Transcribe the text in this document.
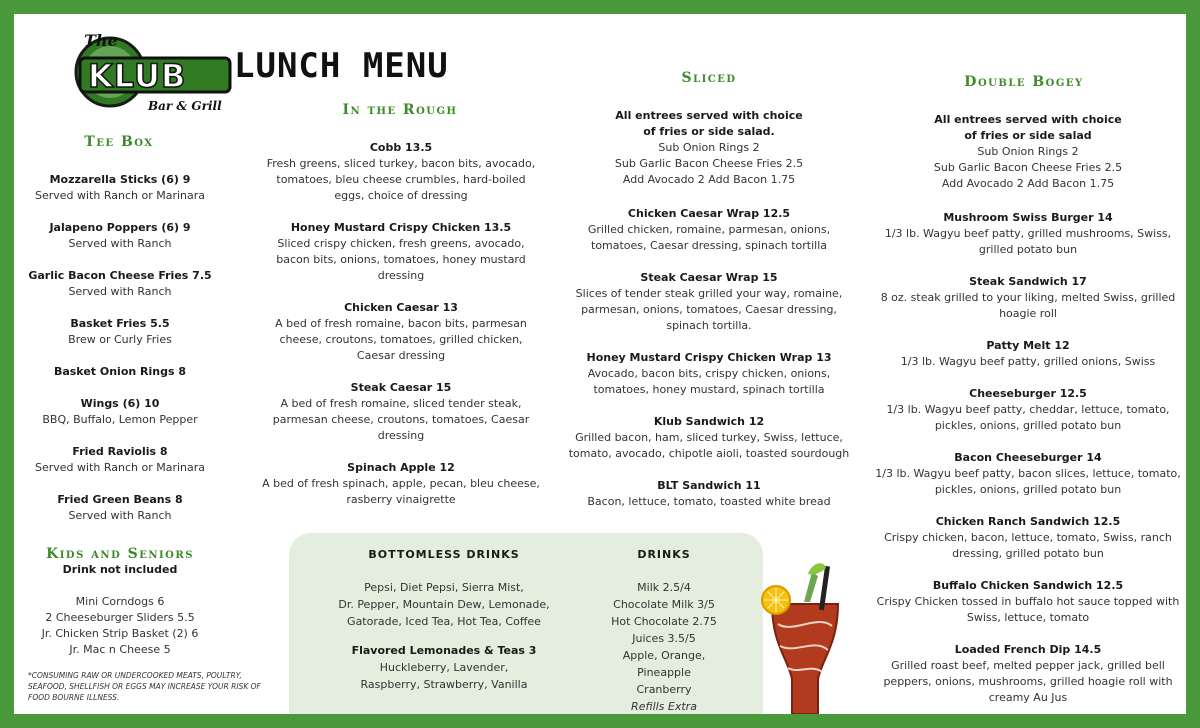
The
KLUB
Bar & Grill
LUNCH MENU
Tee Box
Mozzarella Sticks (6) 9
Served with Ranch or Marinara
Jalapeno Poppers (6) 9
Served with Ranch
Garlic Bacon Cheese Fries 7.5
Served with Ranch
Basket Fries 5.5
Brew or Curly Fries
Basket Onion Rings 8
Wings (6) 10
BBQ, Buffalo, Lemon Pepper
Fried Raviolis 8
Served with Ranch or Marinara
Fried Green Beans 8
Served with Ranch
Kids and Seniors
Drink not included
Mini Corndogs 6
2 Cheeseburger Sliders 5.5
Jr. Chicken Strip Basket (2) 6
Jr. Mac n Cheese 5
*CONSUMING RAW OR UNDERCOOKED MEATS, POULTRY, SEAFOOD, SHELLFISH OR EGGS MAY INCREASE YOUR RISK OF FOOD BOURNE ILLNESS.
In the Rough
Cobb 13.5
Fresh greens, sliced turkey, bacon bits, avocado, tomatoes, bleu cheese crumbles, hard-boiled eggs, choice of dressing
Honey Mustard Crispy Chicken 13.5
Sliced crispy chicken, fresh greens, avocado, bacon bits, onions, tomatoes, honey mustard dressing
Chicken Caesar 13
A bed of fresh romaine, bacon bits, parmesan cheese, croutons, tomatoes, grilled chicken, Caesar dressing
Steak Caesar 15
A bed of fresh romaine, sliced tender steak, parmesan cheese, croutons, tomatoes, Caesar dressing
Spinach Apple 12
A bed of fresh spinach, apple, pecan, bleu cheese, rasberry vinaigrette
Sliced
All entrees served with choice of fries or side salad.
Sub Onion Rings 2
Sub Garlic Bacon Cheese Fries 2.5
Add Avocado 2 Add Bacon 1.75
Chicken Caesar Wrap 12.5
Grilled chicken, romaine, parmesan, onions, tomatoes, Caesar dressing, spinach tortilla
Steak Caesar Wrap 15
Slices of tender steak grilled your way, romaine, parmesan, onions, tomatoes, Caesar dressing, spinach tortilla.
Honey Mustard Crispy Chicken Wrap 13
Avocado, bacon bits, crispy chicken, onions, tomatoes, honey mustard, spinach tortilla
Klub Sandwich 12
Grilled bacon, ham, sliced turkey, Swiss, lettuce, tomato, avocado, chipotle aioli, toasted sourdough
BLT Sandwich 11
Bacon, lettuce, tomato, toasted white bread
Double Bogey
All entrees served with choice of fries or side salad
Sub Onion Rings 2
Sub Garlic Bacon Cheese Fries 2.5
Add Avocado 2 Add Bacon 1.75
Mushroom Swiss Burger 14
1/3 lb. Wagyu beef patty, grilled mushrooms, Swiss, grilled potato bun
Steak Sandwich 17
8 oz. steak grilled to your liking, melted Swiss, grilled hoagie roll
Patty Melt 12
1/3 lb. Wagyu beef patty, grilled onions, Swiss
Cheeseburger 12.5
1/3 lb. Wagyu beef patty, cheddar, lettuce, tomato, pickles, onions, grilled potato bun
Bacon Cheeseburger 14
1/3 lb. Wagyu beef patty, bacon slices, lettuce, tomato, pickles, onions, grilled potato bun
Chicken Ranch Sandwich 12.5
Crispy chicken, bacon, lettuce, tomato, Swiss, ranch dressing, grilled potato bun
Buffalo Chicken Sandwich 12.5
Crispy Chicken tossed in buffalo hot sauce topped with Swiss, lettuce, tomato
Loaded French Dip 14.5
Grilled roast beef, melted pepper jack, grilled bell peppers, onions, mushrooms, grilled hoagie roll with creamy Au Jus
BOTTOMLESS DRINKS
Pepsi, Diet Pepsi, Sierra Mist,
Dr. Pepper, Mountain Dew, Lemonade,
Gatorade, Iced Tea, Hot Tea, Coffee
Flavored Lemonades & Teas 3
Huckleberry, Lavender,
Raspberry, Strawberry, Vanilla
DRINKS
Milk 2.5/4
Chocolate Milk 3/5
Hot Chocolate 2.75
Juices 3.5/5
Apple, Orange,
Pineapple
Cranberry
Refills Extra
